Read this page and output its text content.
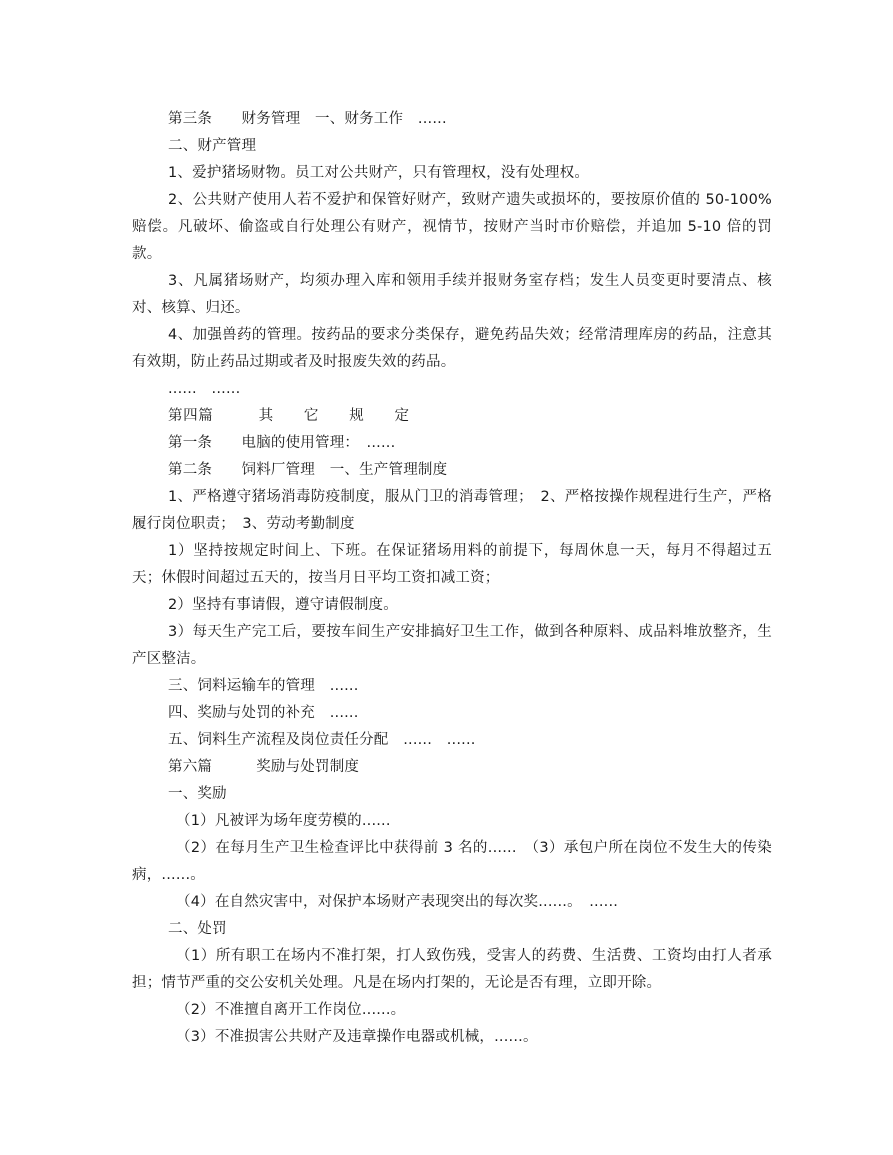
第三条　　财务管理　一、财务工作　......

二、财产管理

1、爱护猪场财物。员工对公共财产，只有管理权，没有处理权。

2、公共财产使用人若不爱护和保管好财产，致财产遗失或损坏的，要按原价值的 50-100%赔偿。凡破坏、偷盗或自行处理公有财产，视情节，按财产当时市价赔偿，并追加 5-10 倍的罚款。

3、凡属猪场财产，均须办理入库和领用手续并报财务室存档；发生人员变更时要清点、核对、核算、归还。

4、加强兽药的管理。按药品的要求分类保存，避免药品失效；经常清理库房的药品，注意其有效期，防止药品过期或者及时报废失效的药品。

......　......

第四篇　　　其　　它　　规　　定

第一条　　电脑的使用管理：　......

第二条　　饲料厂管理　一、生产管理制度

1、严格遵守猪场消毒防疫制度，服从门卫的消毒管理；　2、严格按操作规程进行生产，严格履行岗位职责；　3、劳动考勤制度

1）坚持按规定时间上、下班。在保证猪场用料的前提下，每周休息一天，每月不得超过五天；休假时间超过五天的，按当月日平均工资扣减工资；

2）坚持有事请假，遵守请假制度。

3）每天生产完工后，要按车间生产安排搞好卫生工作，做到各种原料、成品料堆放整齐，生产区整洁。

三、饲料运输车的管理　......

四、奖励与处罚的补充　......

五、饲料生产流程及岗位责任分配　......　......

第六篇　　　奖励与处罚制度

一、奖励

（1）凡被评为场年度劳模的......

（2）在每月生产卫生检查评比中获得前 3 名的......　（3）承包户所在岗位不发生大的传染病，......。

（4）在自然灾害中，对保护本场财产表现突出的每次奖......。　......

二、处罚

（1）所有职工在场内不准打架，打人致伤残，受害人的药费、生活费、工资均由打人者承担；情节严重的交公安机关处理。凡是在场内打架的，无论是否有理，立即开除。

（2）不准擅自离开工作岗位......。

（3）不准损害公共财产及违章操作电器或机械，......。
